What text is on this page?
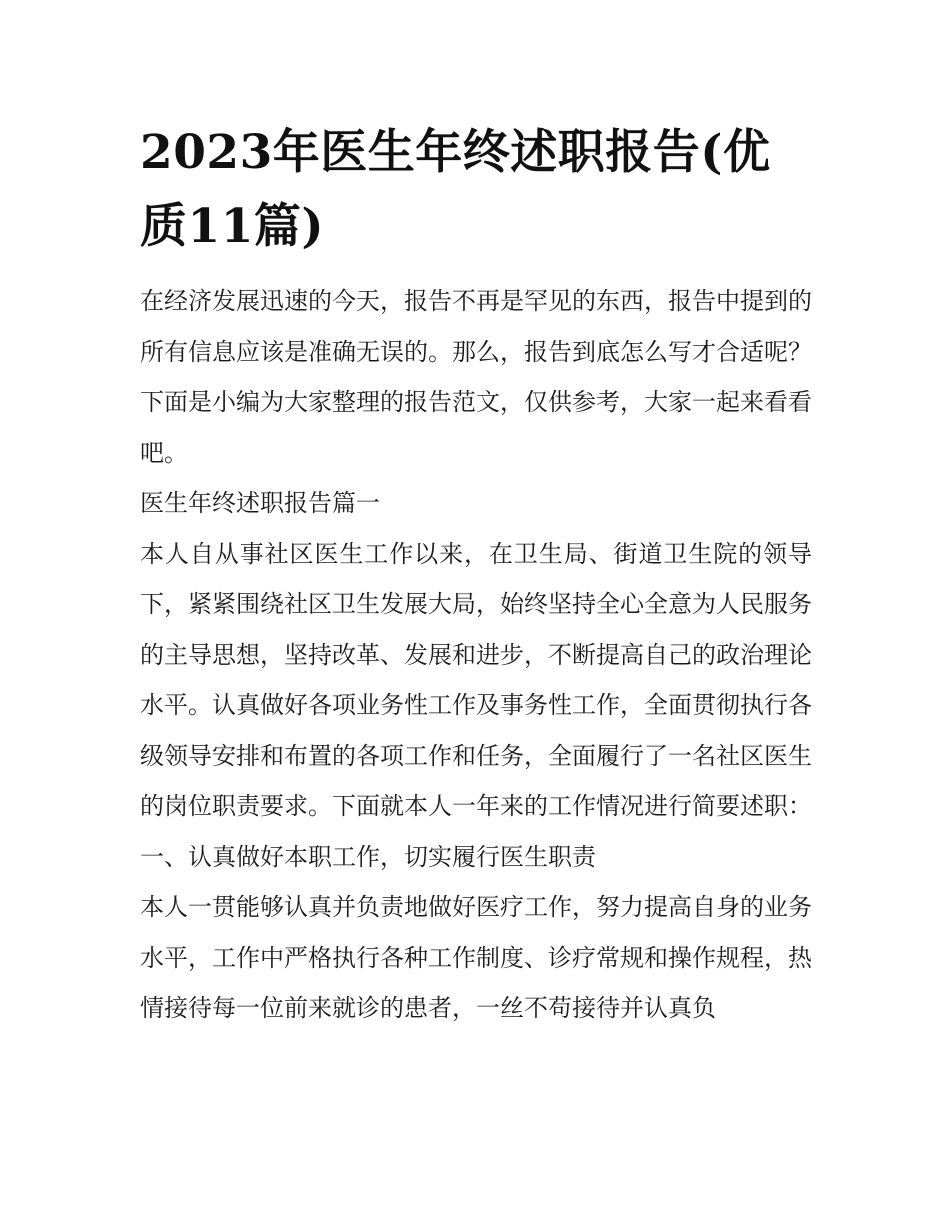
2023年医生年终述职报告(优质11篇)

在经济发展迅速的今天，报告不再是罕见的东西，报告中提到的所有信息应该是准确无误的。那么，报告到底怎么写才合适呢？下面是小编为大家整理的报告范文，仅供参考，大家一起来看看吧。

医生年终述职报告篇一

本人自从事社区医生工作以来，在卫生局、街道卫生院的领导下，紧紧围绕社区卫生发展大局，始终坚持全心全意为人民服务的主导思想，坚持改革、发展和进步，不断提高自己的政治理论水平。认真做好各项业务性工作及事务性工作，全面贯彻执行各级领导安排和布置的各项工作和任务，全面履行了一名社区医生的岗位职责要求。下面就本人一年来的工作情况进行简要述职：

一、认真做好本职工作，切实履行医生职责

本人一贯能够认真并负责地做好医疗工作，努力提高自身的业务水平，工作中严格执行各种工作制度、诊疗常规和操作规程，热情接待每一位前来就诊的患者，一丝不苟接待并认真负
